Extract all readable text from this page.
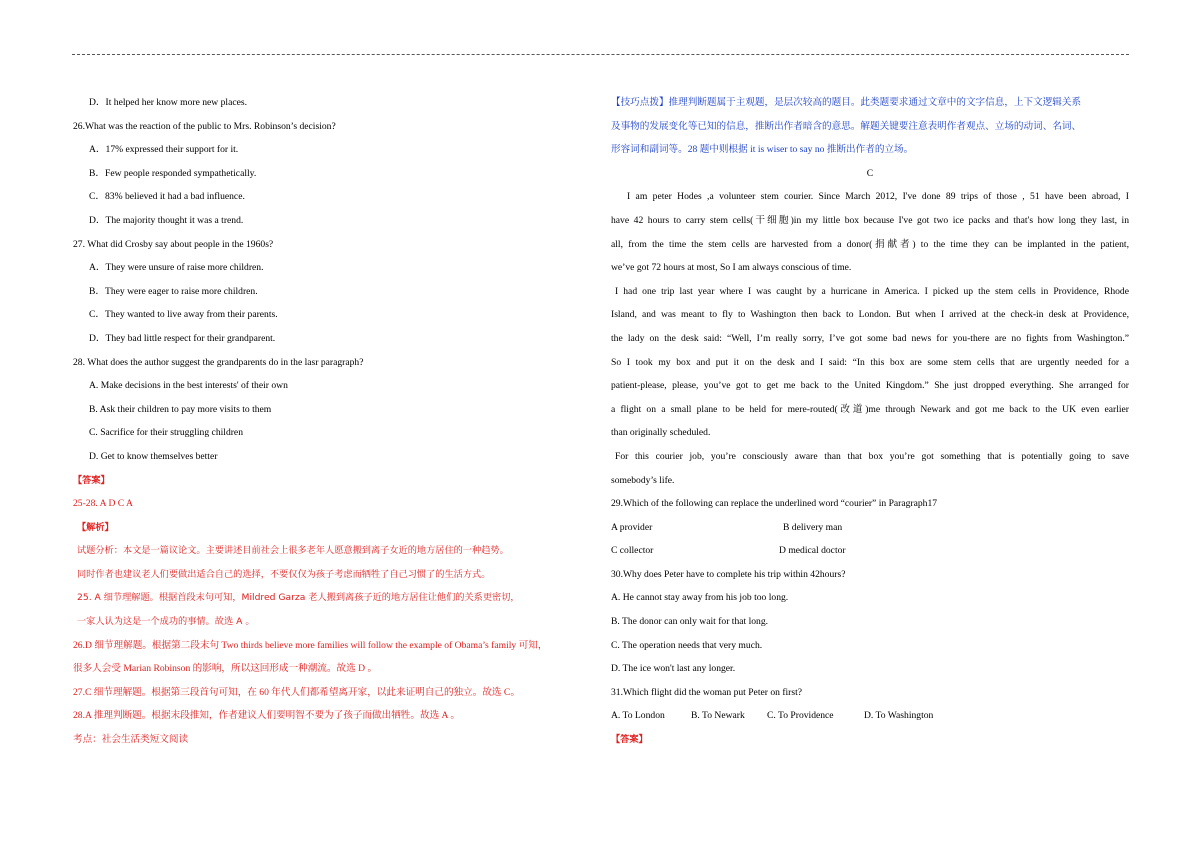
D．It helped her know more new places.
26.What was the reaction of the public to Mrs. Robinson’s decision?
A．17% expressed their support for it.
B．Few people responded sympathetically.
C．83% believed it had a bad influence.
D．The majority thought it was a trend.
27. What did Crosby say about people in the 1960s?
A．They were unsure of raise more children.
B．They were eager to raise more children.
C．They wanted to live away from their parents.
D．They bad little respect for their grandparent.
28. What does the author suggest the grandparents do in the lasr paragraph?
A. Make decisions in the best interests' of their own
B. Ask their children to pay more visits to them
C. Sacrifice for their struggling children
D. Get to know themselves better
【答案】
25-28. A D C A
【解析】
试题分析：本文是一篇议论文。主要讲述目前社会上很多老年人愿意搬到离子女近的地方居住的一种趋势。
同时作者也建议老人们要做出适合自己的选择，不要仅仅为孩子考虑而牺牲了自己习惯了的生活方式。
25. A 细节理解题。根据首段末句可知，Mildred Garza 老人搬到离孩子近的地方居住让他们的关系更密切，
一家人认为这是一个成功的事情。故选 A 。
26.D 细节理解题。根据第二段末句 Two thirds believe more families will follow the example of Obama’s family 可知，
很多人会受 Marian Robinson 的影响，所以这回形成一种潮流。故选 D 。
27.C 细节理解题。根据第三段首句可知，在 60 年代人们都希望离开家，以此来证明自己的独立。故选 C。
28.A 推理判断题。根据末段推知，作者建议人们要明智不要为了孩子而做出牺牲。故选 A 。
考点：社会生活类短文阅读
【技巧点拨】推理判断题属于主观题，是层次较高的题目。此类题要求通过文章中的文字信息，上下文逻辑关系
及事物的发展变化等已知的信息，推断出作者暗含的意思。解题关键要注意表明作者观点、立场的动词、名词、
形容词和副词等。28 题中则根据 it is wiser to say no 推断出作者的立场。
C
I am peter Hodes ,a volunteer stem courier. Since March 2012, I've done 89 trips of those , 51 have been abroad, I
have 42 hours to carry stem cells(干细胞)in my little box because I've got two ice packs and that's how long they last, in
all, from the time the stem cells are harvested from a donor(捐献者) to the time they can be implanted in the patient,
we’ve got 72 hours at most, So I am always conscious of time.
I had one trip last year where I was caught by a hurricane in America. I picked up the stem cells in Providence, Rhode
Island, and was meant to fly to Washington then back to London. But when I arrived at the check-in desk at Providence,
the lady on the desk said: “Well, I’m really sorry, I’ve got some bad news for you-there are no fights from Washington.”
So I took my box and put it on the desk and I said: “In this box are some stem cells that are urgently needed for a
patient-please, please, you’ve got to get me back to the United Kingdom.” She just dropped everything. She arranged for
a flight on a small plane to be held for mere-routed(改道)me through Newark and got me back to the UK even earlier
than originally scheduled.
For this courier job, you’re consciously aware than that box you’re got something that is potentially going to save
somebody’s life.
29.Which of the following can replace the underlined word “courier” in Paragraph17
A provider	B delivery man
C collector	D medical doctor
30.Why does Peter have to complete his trip within 42hours?
A. He cannot stay away from his job too long.
B. The donor can only wait for that long.
C. The operation needs that very much.
D. The ice won't last any longer.
31.Which flight did the woman put Peter on first?
A. To London	B. To Newark C. To Providence	D. To Washington
【答案】
